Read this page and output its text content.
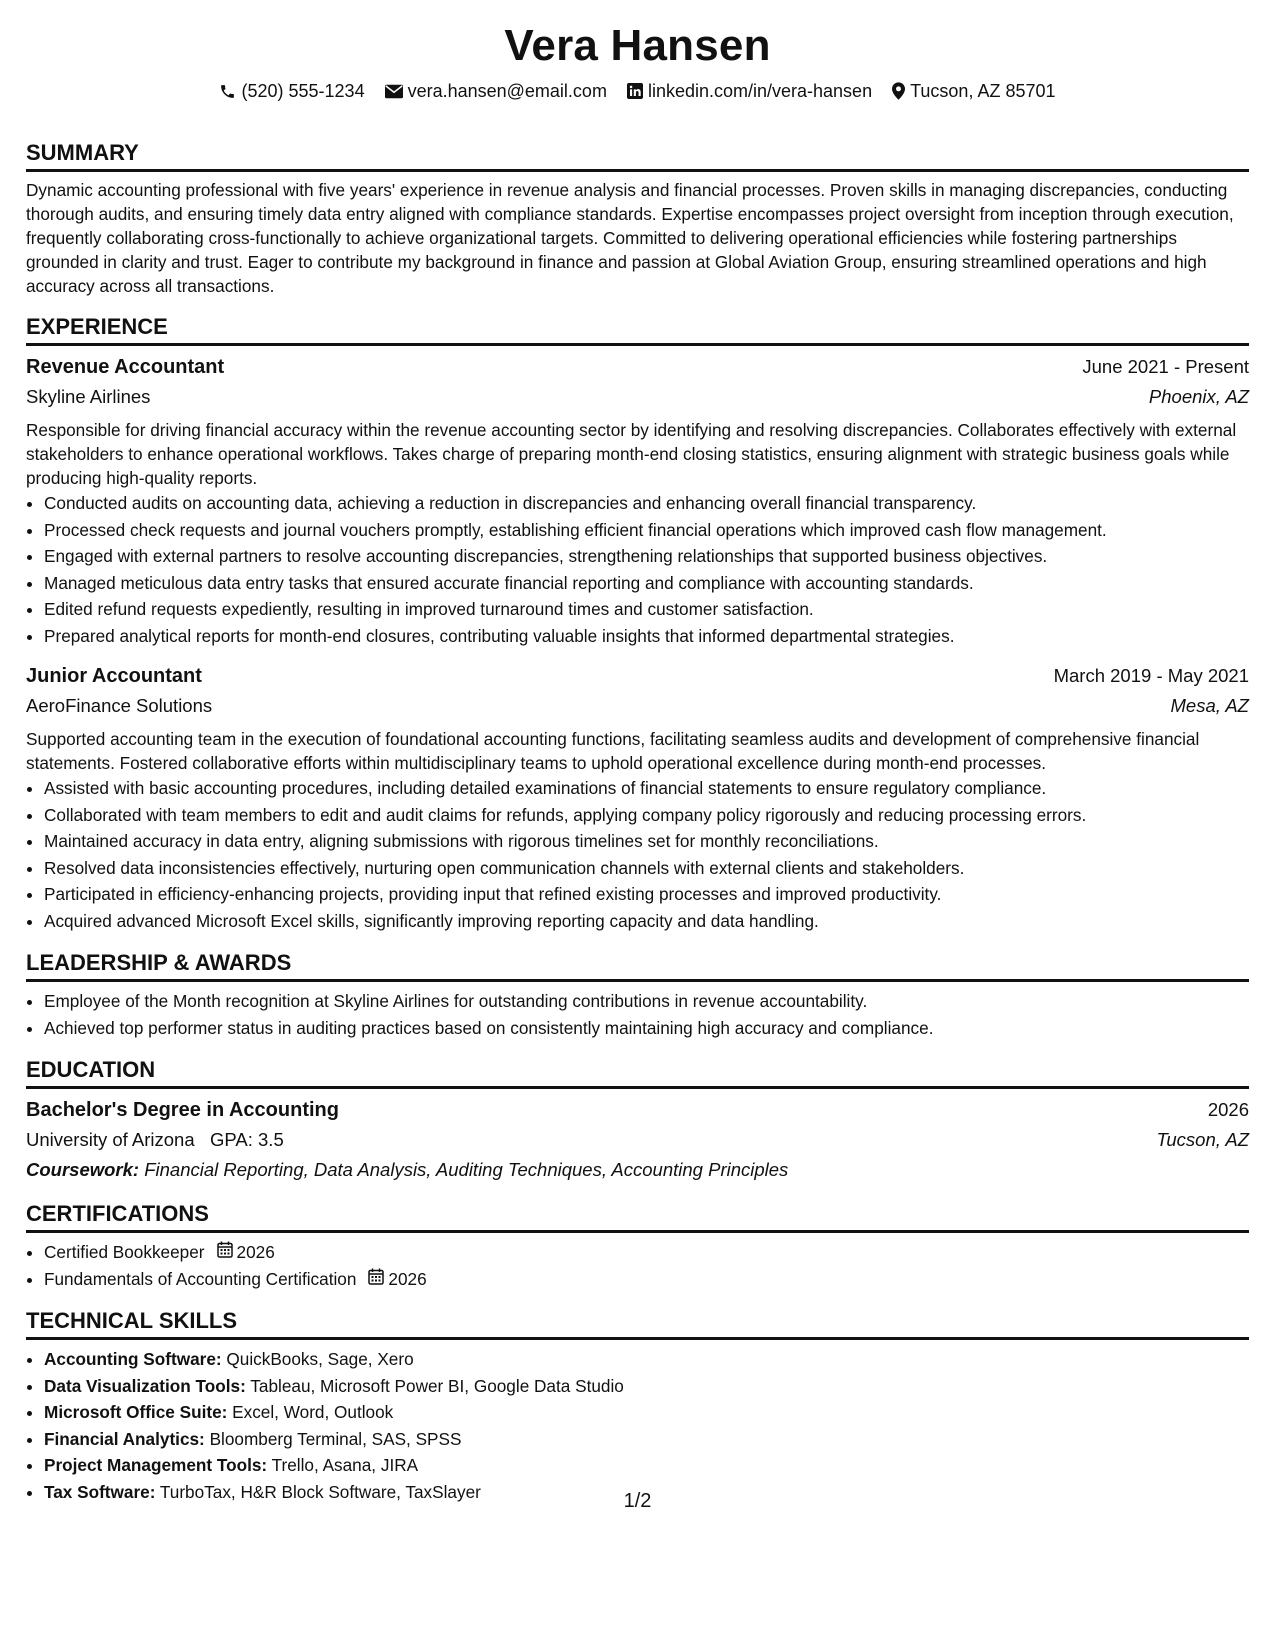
Vera Hansen
(520) 555-1234 vera.hansen@email.com linkedin.com/in/vera-hansen Tucson, AZ 85701
SUMMARY

Dynamic accounting professional with five years' experience in revenue analysis and financial processes. Proven skills in managing discrepancies, conducting thorough audits, and ensuring timely data entry aligned with compliance standards. Expertise encompasses project oversight from inception through execution, frequently collaborating cross-functionally to achieve organizational targets. Committed to delivering operational efficiencies while fostering partnerships grounded in clarity and trust. Eager to contribute my background in finance and passion at Global Aviation Group, ensuring streamlined operations and high accuracy across all transactions.

EXPERIENCE
Revenue Accountant	June 2021 - Present
Skyline Airlines	Phoenix, AZ

Responsible for driving financial accuracy within the revenue accounting sector by identifying and resolving discrepancies. Collaborates effectively with external stakeholders to enhance operational workflows. Takes charge of preparing month-end closing statistics, ensuring alignment with strategic business goals while producing high-quality reports.

• Conducted audits on accounting data, achieving a reduction in discrepancies and enhancing overall financial transparency.
• Processed check requests and journal vouchers promptly, establishing efficient financial operations which improved cash flow management.
• Engaged with external partners to resolve accounting discrepancies, strengthening relationships that supported business objectives.
• Managed meticulous data entry tasks that ensured accurate financial reporting and compliance with accounting standards.
• Edited refund requests expediently, resulting in improved turnaround times and customer satisfaction.
• Prepared analytical reports for month-end closures, contributing valuable insights that informed departmental strategies.
Junior Accountant	March 2019 - May 2021
AeroFinance Solutions	Mesa, AZ

Supported accounting team in the execution of foundational accounting functions, facilitating seamless audits and development of comprehensive financial statements. Fostered collaborative efforts within multidisciplinary teams to uphold operational excellence during month-end processes.

• Assisted with basic accounting procedures, including detailed examinations of financial statements to ensure regulatory compliance.
• Collaborated with team members to edit and audit claims for refunds, applying company policy rigorously and reducing processing errors.
• Maintained accuracy in data entry, aligning submissions with rigorous timelines set for monthly reconciliations.
• Resolved data inconsistencies effectively, nurturing open communication channels with external clients and stakeholders.
• Participated in efficiency-enhancing projects, providing input that refined existing processes and improved productivity.
• Acquired advanced Microsoft Excel skills, significantly improving reporting capacity and data handling.
LEADERSHIP & AWARDS
• Employee of the Month recognition at Skyline Airlines for outstanding contributions in revenue accountability.
• Achieved top performer status in auditing practices based on consistently maintaining high accuracy and compliance.
EDUCATION
Bachelor's Degree in Accounting	2026
University of Arizona GPA: 3.5	Tucson, AZ
Coursework: Financial Reporting, Data Analysis, Auditing Techniques, Accounting Principles
CERTIFICATIONS
• Certified Bookkeeper 2026
• Fundamentals of Accounting Certification 2026
TECHNICAL SKILLS
• Accounting Software: QuickBooks, Sage, Xero
• Data Visualization Tools: Tableau, Microsoft Power BI, Google Data Studio
• Microsoft Office Suite: Excel, Word, Outlook
• Financial Analytics: Bloomberg Terminal, SAS, SPSS
• Project Management Tools: Trello, Asana, JIRA
• Tax Software: TurboTax, H&R Block Software, TaxSlayer	1/2
